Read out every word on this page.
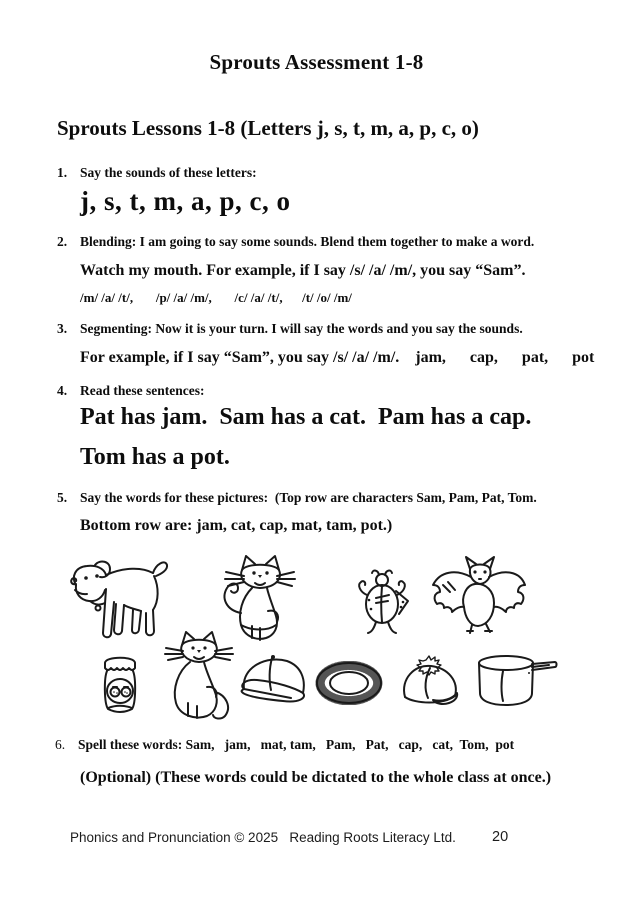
Sprouts Assessment 1-8
Sprouts Lessons 1-8 (Letters j, s, t, m, a, p, c, o)
1. Say the sounds of these letters:
j, s, t, m, a, p, c, o
2. Blending: I am going to say some sounds. Blend them together to make a word.
Watch my mouth. For example, if I say /s/ /a/ /m/, you say “Sam”.
/m/ /a/ /t/,       /p/ /a/ /m/,       /c/ /a/ /t/,      /t/ /o/ /m/
3. Segmenting: Now it is your turn. I will say the words and you say the sounds.
For example, if I say “Sam”, you say /s/ /a/ /m/.    jam,      cap,      pat,      pot
4. Read these sentences:
Pat has jam.  Sam has a cat.  Pam has a cap.
Tom has a pot.
5. Say the words for these pictures:  (Top row are characters Sam, Pam, Pat, Tom.
Bottom row are: jam, cat, cap, mat, tam, pot.)
6. Spell these words: Sam,   jam,   mat, tam,   Pam,   Pat,   cap,   cat,  Tom,  pot
(Optional) (These words could be dictated to the whole class at once.)
Phonics and Pronunciation © 2025   Reading Roots Literacy Ltd. 20
